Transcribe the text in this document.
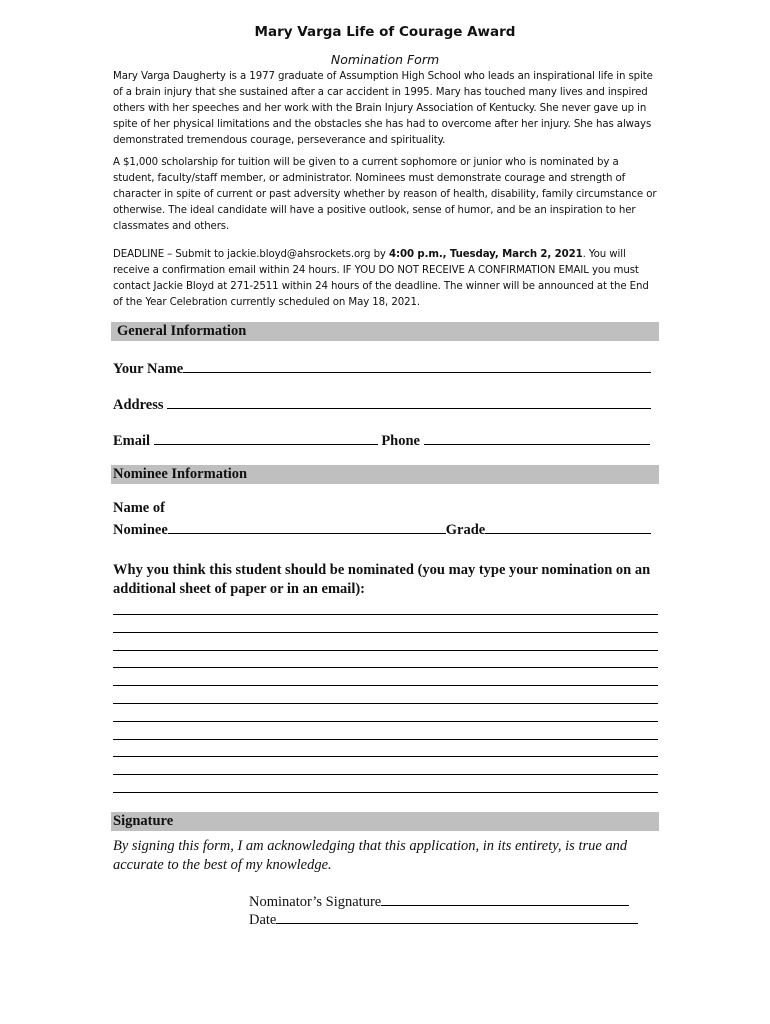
Mary Varga Life of Courage Award
Nomination Form
Mary Varga Daugherty is a 1977 graduate of Assumption High School who leads an inspirational life in spite of a brain injury that she sustained after a car accident in 1995. Mary has touched many lives and inspired others with her speeches and her work with the Brain Injury Association of Kentucky. She never gave up in spite of her physical limitations and the obstacles she has had to overcome after her injury. She has always demonstrated tremendous courage, perseverance and spirituality.
A $1,000 scholarship for tuition will be given to a current sophomore or junior who is nominated by a student, faculty/staff member, or administrator. Nominees must demonstrate courage and strength of character in spite of current or past adversity whether by reason of health, disability, family circumstance or otherwise. The ideal candidate will have a positive outlook, sense of humor, and be an inspiration to her classmates and others.
DEADLINE – Submit to jackie.bloyd@ahsrockets.org by 4:00 p.m., Tuesday, March 2, 2021. You will receive a confirmation email within 24 hours. IF YOU DO NOT RECEIVE A CONFIRMATION EMAIL you must contact Jackie Bloyd at 271-2511 within 24 hours of the deadline. The winner will be announced at the End of the Year Celebration currently scheduled on May 18, 2021.
General Information
Your Name
Address
Email	Phone
Nominee Information
Name of
Nominee	Grade
Why you think this student should be nominated (you may type your nomination on an additional sheet of paper or in an email):
Signature
By signing this form, I am acknowledging that this application, in its entirety, is true and accurate to the best of my knowledge.
Nominator’s Signature
Date
